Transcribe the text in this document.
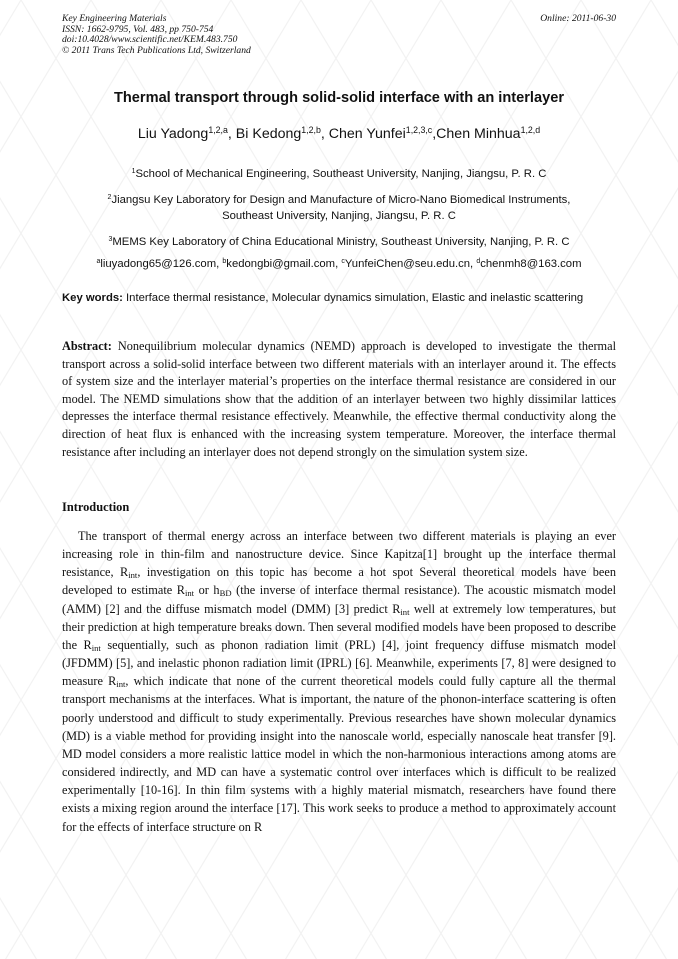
Key Engineering Materials
ISSN: 1662-9795, Vol. 483, pp 750-754
doi:10.4028/www.scientific.net/KEM.483.750
© 2011 Trans Tech Publications Ltd, Switzerland
Online: 2011-06-30
Thermal transport through solid-solid interface with an interlayer
Liu Yadong$^{1,2,a}$, Bi Kedong$^{1,2,b}$, Chen Yunfei$^{1,2,3,c}$,Chen Minhua$^{1,2,d}$
$^1$School of Mechanical Engineering, Southeast University, Nanjing, Jiangsu, P. R. C
$^2$Jiangsu Key Laboratory for Design and Manufacture of Micro-Nano Biomedical Instruments,
Southeast University, Nanjing, Jiangsu, P. R. C
$^3$MEMS Key Laboratory of China Educational Ministry, Southeast University, Nanjing, P. R. C
$^a$liuyadong65@126.com, $^b$kedongbi@gmail.com, $^c$YunfeiChen@seu.edu.cn, $^d$chenmh8@163.com
Key words: Interface thermal resistance, Molecular dynamics simulation, Elastic and inelastic scattering
Abstract: Nonequilibrium molecular dynamics (NEMD) approach is developed to investigate the thermal transport across a solid-solid interface between two different materials with an interlayer around it. The effects of system size and the interlayer material’s properties on the interface thermal resistance are considered in our model. The NEMD simulations show that the addition of an interlayer between two highly dissimilar lattices depresses the interface thermal resistance effectively. Meanwhile, the effective thermal conductivity along the direction of heat flux is enhanced with the increasing system temperature. Moreover, the interface thermal resistance after including an interlayer does not depend strongly on the simulation system size.
Introduction

The transport of thermal energy across an interface between two different materials is playing an ever increasing role in thin-film and nanostructure device. Since Kapitza[1] brought up the interface thermal resistance, $R_{int}$, investigation on this topic has become a hot spot Several theoretical models have been developed to estimate $R_{int}$ or $h_{BD}$ (the inverse of interface thermal resistance). The acoustic mismatch model (AMM) [2] and the diffuse mismatch model (DMM) [3] predict $R_{int}$ well at extremely low temperatures, but their prediction at high temperature breaks down. Then several modified models have been proposed to describe the $R_{int}$ sequentially, such as phonon radiation limit (PRL) [4], joint frequency diffuse mismatch model (JFDMM) [5], and inelastic phonon radiation limit (IPRL) [6]. Meanwhile, experiments [7, 8] were designed to measure $R_{int}$, which indicate that none of the current theoretical models could fully capture all the thermal transport mechanisms at the interfaces. What is important, the nature of the phonon-interface scattering is often poorly understood and difficult to study experimentally. Previous researches have shown molecular dynamics (MD) is a viable method for providing insight into the nanoscale world, especially nanoscale heat transfer [9]. MD model considers a more realistic lattice model in which the non-harmonious interactions among atoms are considered indirectly, and MD can have a systematic control over interfaces which is difficult to be realized experimentally [10-16]. In thin film systems with a highly material mismatch, researchers have found there exists a mixing region around the interface [17]. This work seeks to produce a method to approximately account for the effects of interface structure on R
